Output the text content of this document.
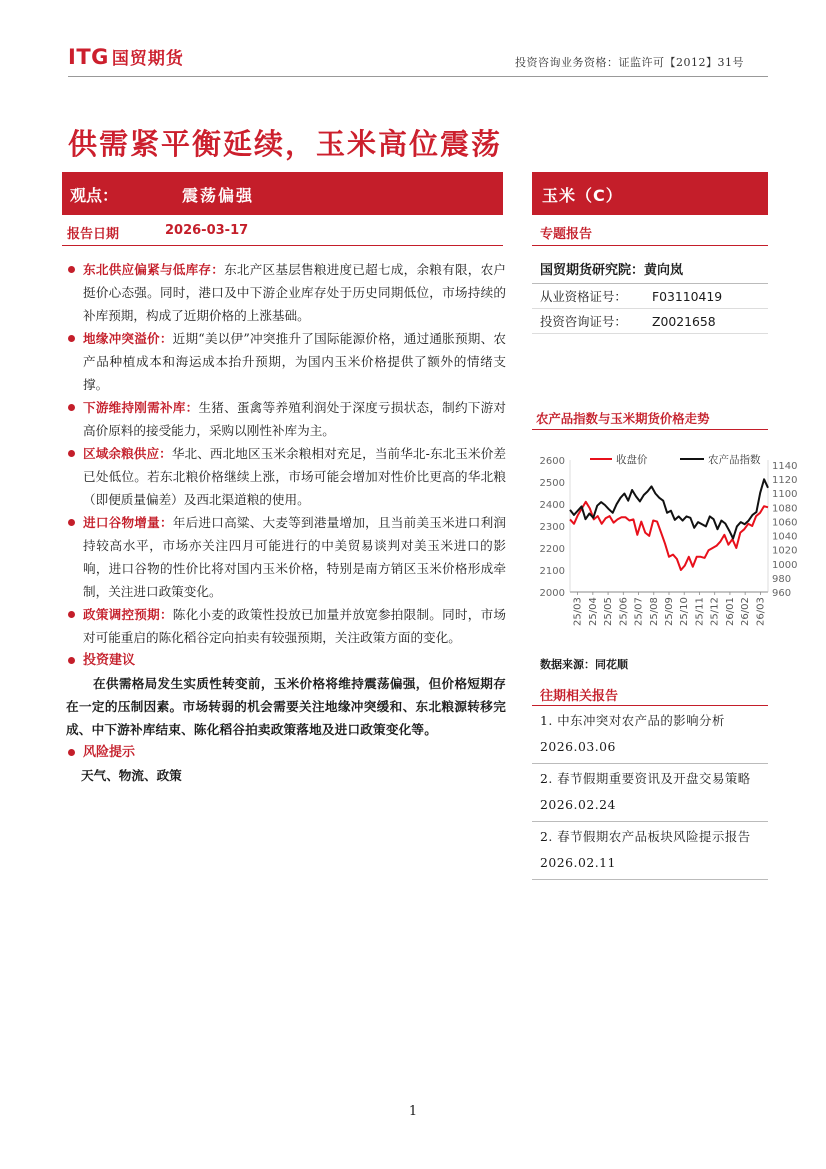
ITG 国贸期货	投资咨询业务资格：证监许可【2012】31号
供需紧平衡延续，玉米高位震荡
观点：	震荡偏强	玉米（C）
报告日期	2026-03-17	专题报告
东北供应偏紧与低库存：东北产区基层售粮进度已超七成，余粮有限，农户挺价心态强。同时，港口及中下游企业库存处于历史同期低位，市场持续的补库预期，构成了近期价格的上涨基础。
地缘冲突溢价：近期“美以伊”冲突推升了国际能源价格，通过通胀预期、农产品种植成本和海运成本抬升预期，为国内玉米价格提供了额外的情绪支撑。
下游维持刚需补库：生猪、蛋禽等养殖利润处于深度亏损状态，制约下游对高价原料的接受能力，采购以刚性补库为主。
区域余粮供应：华北、西北地区玉米余粮相对充足，当前华北-东北玉米价差已处低位。若东北粮价格继续上涨，市场可能会增加对性价比更高的华北粮（即便质量偏差）及西北渠道粮的使用。
进口谷物增量：年后进口高粱、大麦等到港量增加，且当前美玉米进口利润持较高水平，市场亦关注四月可能进行的中美贸易谈判对美玉米进口的影响，进口谷物的性价比将对国内玉米价格，特别是南方销区玉米价格形成牵制，关注进口政策变化。
政策调控预期：陈化小麦的政策性投放已加量并放宽参拍限制。同时，市场对可能重启的陈化稻谷定向拍卖有较强预期，关注政策方面的变化。
投资建议
在供需格局发生实质性转变前，玉米价格将维持震荡偏强，但价格短期存在一定的压制因素。市场转弱的机会需要关注地缘冲突缓和、东北粮源转移完成、中下游补库结束、陈化稻谷拍卖政策落地及进口政策变化等。
风险提示
天气、物流、政策
国贸期货研究院：黄向岚
从业资格证号：	F03110419
投资咨询证号：	Z0021658
农产品指数与玉米期货价格走势
2000
2100
2200
2300
2400
2500
2600	1140
1120
1100
1080
1060
1040
1020
1000
980
960
25/03 25/04 25/05 25/06 25/07 25/08 25/09 25/10 25/11 25/12 26/01 26/02 26/03
收盘价	农产品指数
数据来源：同花顺
往期相关报告
1. 中东冲突对农产品的影响分析 2026.03.06
2. 春节假期重要资讯及开盘交易策略 2026.02.24
2. 春节假期农产品板块风险提示报告 2026.02.11
1
